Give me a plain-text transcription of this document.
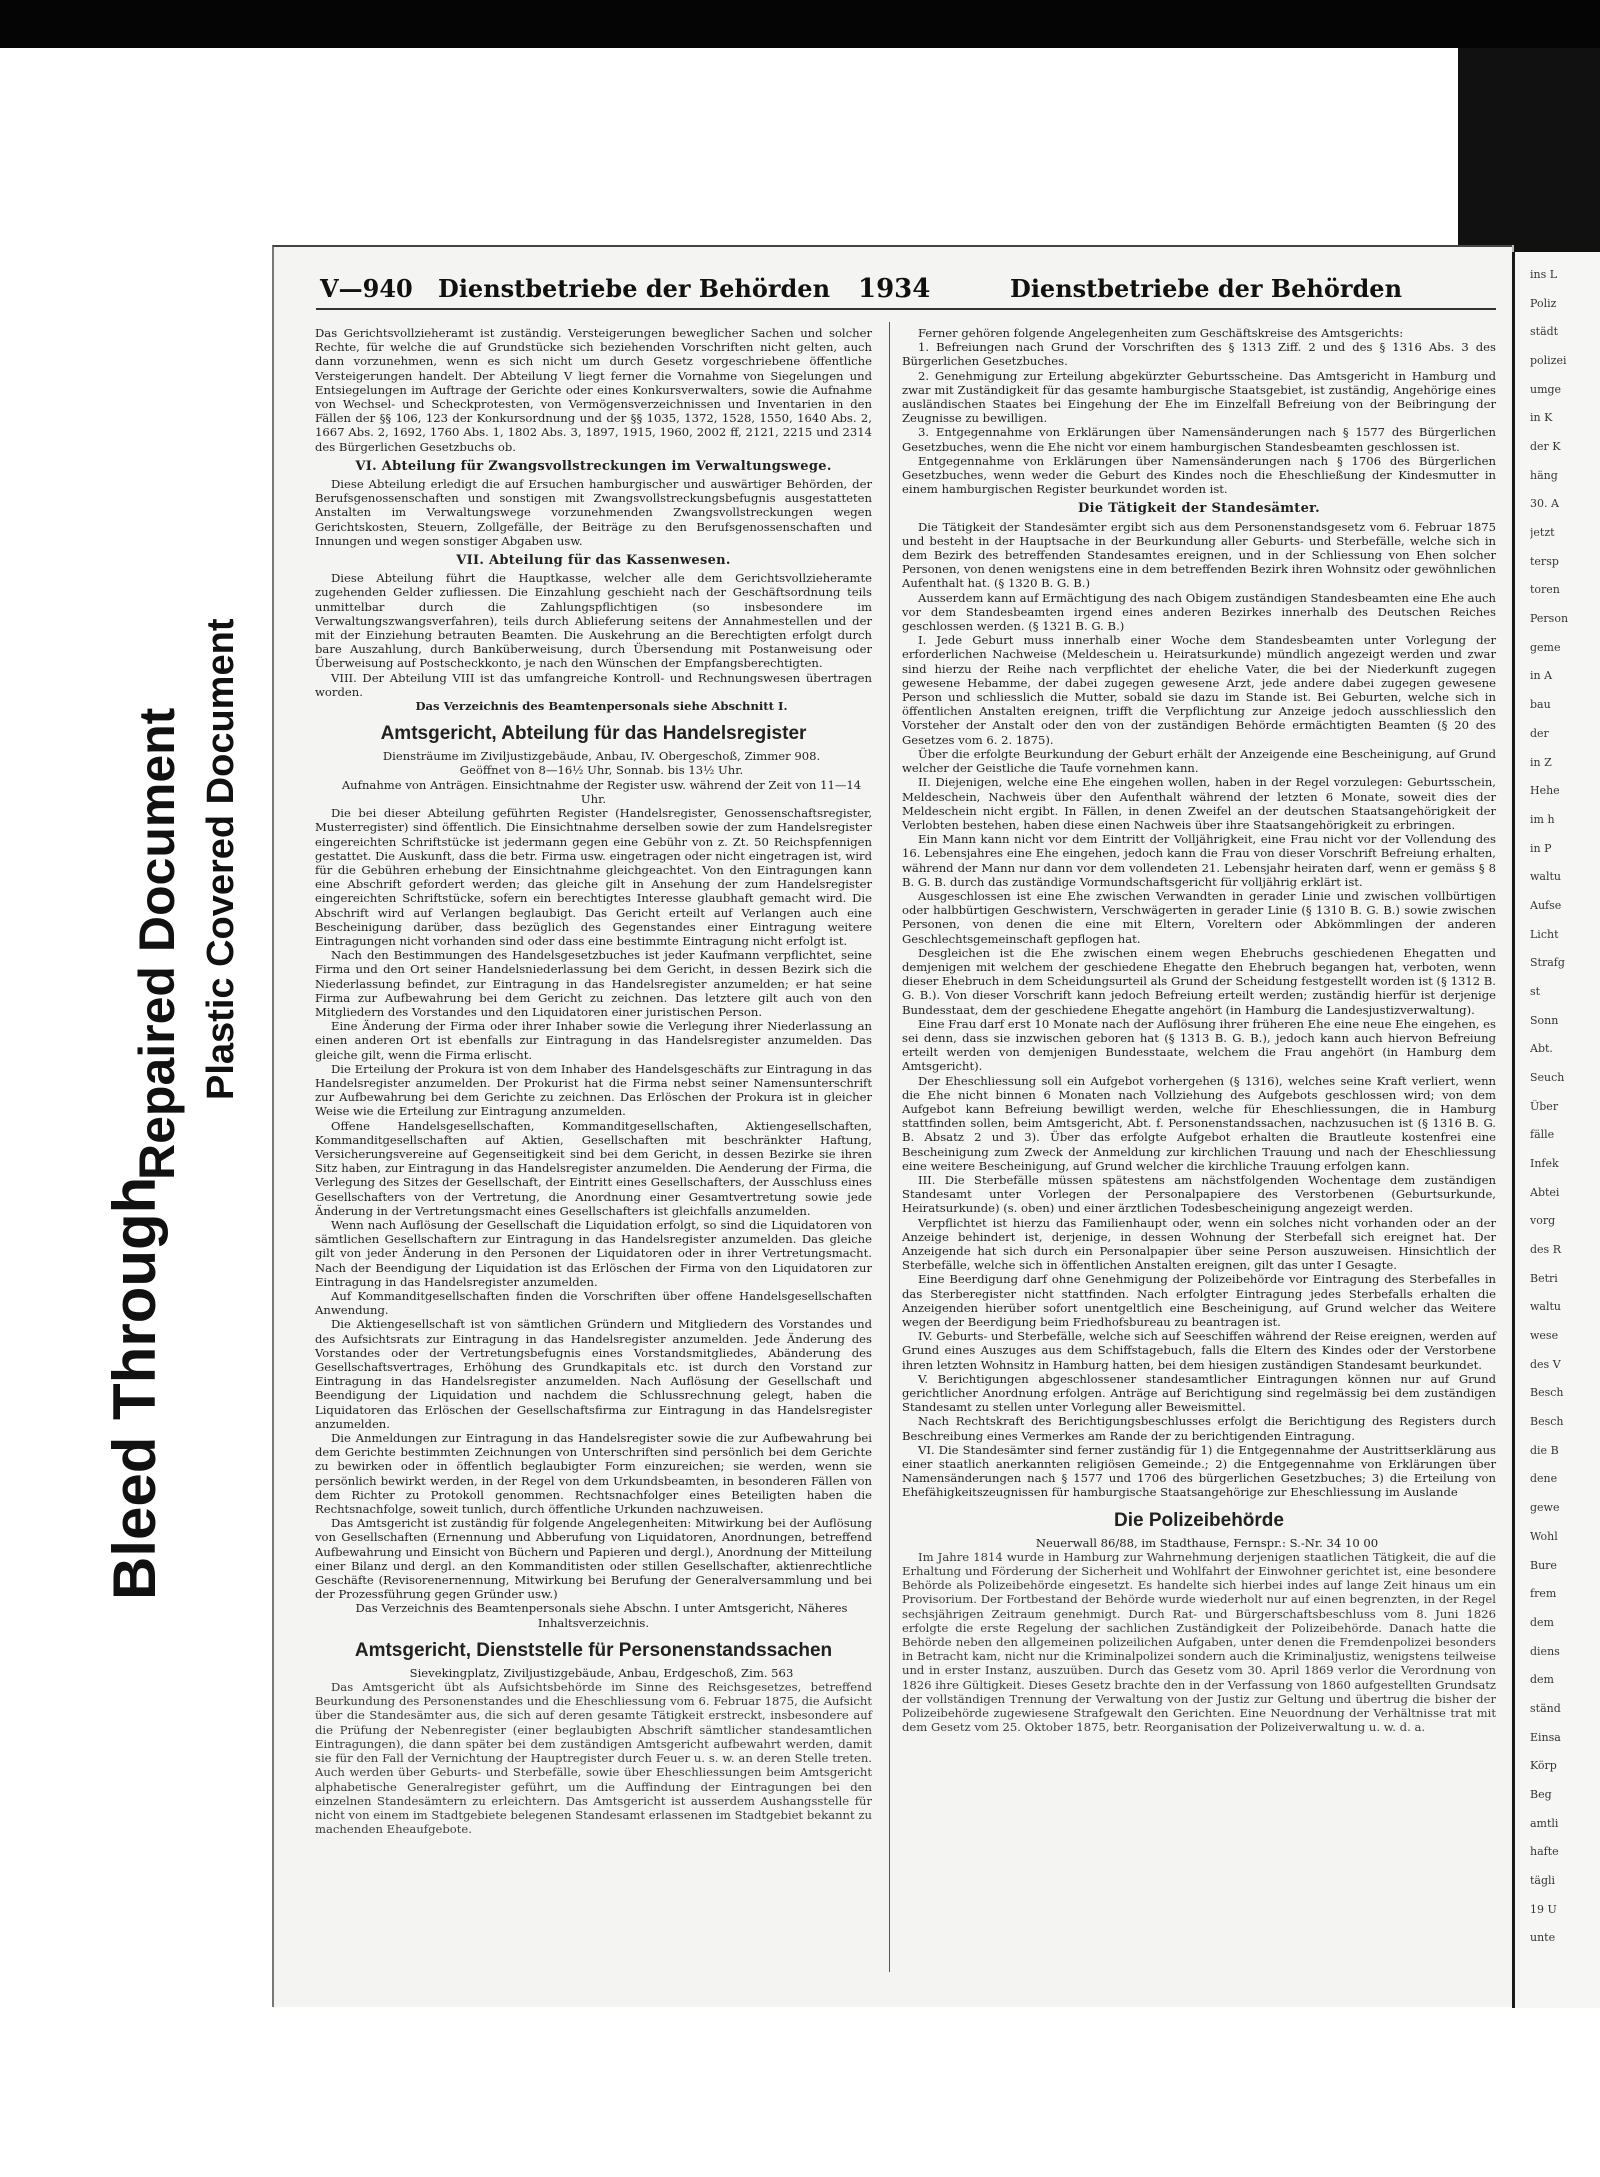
Bleed Through
Repaired Document Plastic Covered Document
ins L
Poliz
städt
polizei
umge
in K
der K
häng
30. A
jetzt
tersp
toren
Person
geme
in A
bau
der
in Z
Hehe
im h
in P
waltu
Aufse
Licht
Strafg
st
Sonn
Abt.
Seuch
Über
fälle
Infek
Abtei
vorg
des R
Betri
waltu
wese
des V
Besch
Besch
die B
dene
gewe
Wohl
Bure
frem
dem
diens
dem
ständ
Einsa
Körp
Beg
amtli
hafte
tägli
19 U
unte
V—940 Dienstbetriebe der Behörden 1934	Dienstbetriebe der Behörden

Das Gerichtsvollzieheramt ist zuständig. Versteigerungen beweglicher Sachen und solcher Rechte, für welche die auf Grundstücke sich beziehenden Vorschriften nicht gelten, auch dann vorzunehmen, wenn es sich nicht um durch Gesetz vorgeschriebene öffentliche Versteigerungen handelt. Der Abteilung V liegt ferner die Vornahme von Siegelungen und Entsiegelungen im Auftrage der Gerichte oder eines Konkursverwalters, sowie die Aufnahme von Wechsel- und Scheckprotesten, von Vermögensverzeichnissen und Inventarien in den Fällen der §§ 106, 123 der Konkursordnung und der §§ 1035, 1372, 1528, 1550, 1640 Abs. 2, 1667 Abs. 2, 1692, 1760 Abs. 1, 1802 Abs. 3, 1897, 1915, 1960, 2002 ff, 2121, 2215 und 2314 des Bürgerlichen Gesetzbuchs ob.

VI. Abteilung für Zwangsvollstreckungen im Verwaltungswege.

Diese Abteilung erledigt die auf Ersuchen hamburgischer und auswärtiger Behörden, der Berufsgenossenschaften und sonstigen mit Zwangsvollstreckungsbefugnis ausgestatteten Anstalten im Verwaltungswege vorzunehmenden Zwangsvollstreckungen wegen Gerichtskosten, Steuern, Zollgefälle, der Beiträge zu den Berufsgenossenschaften und Innungen und wegen sonstiger Abgaben usw.

VII. Abteilung für das Kassenwesen.

Diese Abteilung führt die Hauptkasse, welcher alle dem Gerichtsvollzieheramte zugehenden Gelder zufliessen. Die Einzahlung geschieht nach der Geschäftsordnung teils unmittelbar durch die Zahlungspflichtigen (so insbesondere im Verwaltungszwangsverfahren), teils durch Ablieferung seitens der Annahmestellen und der mit der Einziehung betrauten Beamten. Die Auskehrung an die Berechtigten erfolgt durch bare Auszahlung, durch Banküberweisung, durch Übersendung mit Postanweisung oder Überweisung auf Postscheckkonto, je nach den Wünschen der Empfangsberechtigten.

VIII. Der Abteilung VIII ist das umfangreiche Kontroll- und Rechnungswesen übertragen worden.

Das Verzeichnis des Beamtenpersonals siehe Abschnitt I.

Amtsgericht, Abteilung für das Handelsregister

Diensträume im Ziviljustizgebäude, Anbau, IV. Obergeschoß, Zimmer 908.

Geöffnet von 8—16½ Uhr, Sonnab. bis 13½ Uhr.

Aufnahme von Anträgen. Einsichtnahme der Register usw. während der Zeit von 11—14 Uhr.

Die bei dieser Abteilung geführten Register (Handelsregister, Genossenschaftsregister, Musterregister) sind öffentlich. Die Einsichtnahme derselben sowie der zum Handelsregister eingereichten Schriftstücke ist jedermann gegen eine Gebühr von z. Zt. 50 Reichspfennigen gestattet. Die Auskunft, dass die betr. Firma usw. eingetragen oder nicht eingetragen ist, wird für die Gebühren erhebung der Einsichtnahme gleichgeachtet. Von den Eintragungen kann eine Abschrift gefordert werden; das gleiche gilt in Ansehung der zum Handelsregister eingereichten Schriftstücke, sofern ein berechtigtes Interesse glaubhaft gemacht wird. Die Abschrift wird auf Verlangen beglaubigt. Das Gericht erteilt auf Verlangen auch eine Bescheinigung darüber, dass bezüglich des Gegenstandes einer Eintragung weitere Eintragungen nicht vorhanden sind oder dass eine bestimmte Eintragung nicht erfolgt ist.

Nach den Bestimmungen des Handelsgesetzbuches ist jeder Kaufmann verpflichtet, seine Firma und den Ort seiner Handelsniederlassung bei dem Gericht, in dessen Bezirk sich die Niederlassung befindet, zur Eintragung in das Handelsregister anzumelden; er hat seine Firma zur Aufbewahrung bei dem Gericht zu zeichnen. Das letztere gilt auch von den Mitgliedern des Vorstandes und den Liquidatoren einer juristischen Person.

Eine Änderung der Firma oder ihrer Inhaber sowie die Verlegung ihrer Niederlassung an einen anderen Ort ist ebenfalls zur Eintragung in das Handelsregister anzumelden. Das gleiche gilt, wenn die Firma erlischt.

Die Erteilung der Prokura ist von dem Inhaber des Handelsgeschäfts zur Eintragung in das Handelsregister anzumelden. Der Prokurist hat die Firma nebst seiner Namensunterschrift zur Aufbewahrung bei dem Gerichte zu zeichnen. Das Erlöschen der Prokura ist in gleicher Weise wie die Erteilung zur Eintragung anzumelden.

Offene Handelsgesellschaften, Kommanditgesellschaften, Aktiengesellschaften, Kommanditgesellschaften auf Aktien, Gesellschaften mit beschränkter Haftung, Versicherungsvereine auf Gegenseitigkeit sind bei dem Gericht, in dessen Bezirke sie ihren Sitz haben, zur Eintragung in das Handelsregister anzumelden. Die Aenderung der Firma, die Verlegung des Sitzes der Gesellschaft, der Eintritt eines Gesellschafters, der Ausschluss eines Gesellschafters von der Vertretung, die Anordnung einer Gesamtvertretung sowie jede Änderung in der Vertretungsmacht eines Gesellschafters ist gleichfalls anzumelden.

Wenn nach Auflösung der Gesellschaft die Liquidation erfolgt, so sind die Liquidatoren von sämtlichen Gesellschaftern zur Eintragung in das Handelsregister anzumelden. Das gleiche gilt von jeder Änderung in den Personen der Liquidatoren oder in ihrer Vertretungsmacht. Nach der Beendigung der Liquidation ist das Erlöschen der Firma von den Liquidatoren zur Eintragung in das Handelsregister anzumelden.

Auf Kommanditgesellschaften finden die Vorschriften über offene Handelsgesellschaften Anwendung.

Die Aktiengesellschaft ist von sämtlichen Gründern und Mitgliedern des Vorstandes und des Aufsichtsrats zur Eintragung in das Handelsregister anzumelden. Jede Änderung des Vorstandes oder der Vertretungsbefugnis eines Vorstandsmitgliedes, Abänderung des Gesellschaftsvertrages, Erhöhung des Grundkapitals etc. ist durch den Vorstand zur Eintragung in das Handelsregister anzumelden. Nach Auflösung der Gesellschaft und Beendigung der Liquidation und nachdem die Schlussrechnung gelegt, haben die Liquidatoren das Erlöschen der Gesellschaftsfirma zur Eintragung in das Handelsregister anzumelden.

Die Anmeldungen zur Eintragung in das Handelsregister sowie die zur Aufbewahrung bei dem Gerichte bestimmten Zeichnungen von Unterschriften sind persönlich bei dem Gerichte zu bewirken oder in öffentlich beglaubigter Form einzureichen; sie werden, wenn sie persönlich bewirkt werden, in der Regel von dem Urkundsbeamten, in besonderen Fällen von dem Richter zu Protokoll genommen. Rechtsnachfolger eines Beteiligten haben die Rechtsnachfolge, soweit tunlich, durch öffentliche Urkunden nachzuweisen.

Das Amtsgericht ist zuständig für folgende Angelegenheiten: Mitwirkung bei der Auflösung von Gesellschaften (Ernennung und Abberufung von Liquidatoren, Anordnungen, betreffend Aufbewahrung und Einsicht von Büchern und Papieren und dergl.), Anordnung der Mitteilung einer Bilanz und dergl. an den Kommanditisten oder stillen Gesellschafter, aktienrechtliche Geschäfte (Revisorenernennung, Mitwirkung bei Berufung der Generalversammlung und bei der Prozessführung gegen Gründer usw.)

Das Verzeichnis des Beamtenpersonals siehe Abschn. I unter Amtsgericht, Näheres Inhaltsverzeichnis.

Amtsgericht, Dienststelle für Personenstandssachen

Sievekingplatz, Ziviljustizgebäude, Anbau, Erdgeschoß, Zim. 563

Das Amtsgericht übt als Aufsichtsbehörde im Sinne des Reichsgesetzes, betreffend Beurkundung des Personenstandes und die Eheschliessung vom 6. Februar 1875, die Aufsicht über die Standesämter aus, die sich auf deren gesamte Tätigkeit erstreckt, insbesondere auf die Prüfung der Nebenregister (einer beglaubigten Abschrift sämtlicher standesamtlichen Eintragungen), die dann später bei dem zuständigen Amtsgericht aufbewahrt werden, damit sie für den Fall der Vernichtung der Hauptregister durch Feuer u. s. w. an deren Stelle treten. Auch werden über Geburts- und Sterbefälle, sowie über Eheschliessungen beim Amtsgericht alphabetische Generalregister geführt, um die Auffindung der Eintragungen bei den einzelnen Standesämtern zu erleichtern. Das Amtsgericht ist ausserdem Aushangsstelle für nicht von einem im Stadtgebiete belegenen Standesamt erlassenen im Stadtgebiet bekannt zu machenden Eheaufgebote.

Ferner gehören folgende Angelegenheiten zum Geschäftskreise des Amtsgerichts:

1. Befreiungen nach Grund der Vorschriften des § 1313 Ziff. 2 und des § 1316 Abs. 3 des Bürgerlichen Gesetzbuches.

2. Genehmigung zur Erteilung abgekürzter Geburtsscheine. Das Amtsgericht in Hamburg und zwar mit Zuständigkeit für das gesamte hamburgische Staatsgebiet, ist zuständig, Angehörige eines ausländischen Staates bei Eingehung der Ehe im Einzelfall Befreiung von der Beibringung der Zeugnisse zu bewilligen.

3. Entgegennahme von Erklärungen über Namensänderungen nach § 1577 des Bürgerlichen Gesetzbuches, wenn die Ehe nicht vor einem hamburgischen Standesbeamten geschlossen ist.

Entgegennahme von Erklärungen über Namensänderungen nach § 1706 des Bürgerlichen Gesetzbuches, wenn weder die Geburt des Kindes noch die Eheschließung der Kindesmutter in einem hamburgischen Register beurkundet worden ist.

Die Tätigkeit der Standesämter.

Die Tätigkeit der Standesämter ergibt sich aus dem Personenstandsgesetz vom 6. Februar 1875 und besteht in der Hauptsache in der Beurkundung aller Geburts- und Sterbefälle, welche sich in dem Bezirk des betreffenden Standesamtes ereignen, und in der Schliessung von Ehen solcher Personen, von denen wenigstens eine in dem betreffenden Bezirk ihren Wohnsitz oder gewöhnlichen Aufenthalt hat. (§ 1320 B. G. B.)

Ausserdem kann auf Ermächtigung des nach Obigem zuständigen Standesbeamten eine Ehe auch vor dem Standesbeamten irgend eines anderen Bezirkes innerhalb des Deutschen Reiches geschlossen werden. (§ 1321 B. G. B.)

I. Jede Geburt muss innerhalb einer Woche dem Standesbeamten unter Vorlegung der erforderlichen Nachweise (Meldeschein u. Heiratsurkunde) mündlich angezeigt werden und zwar sind hierzu der Reihe nach verpflichtet der eheliche Vater, die bei der Niederkunft zugegen gewesene Hebamme, der dabei zugegen gewesene Arzt, jede andere dabei zugegen gewesene Person und schliesslich die Mutter, sobald sie dazu im Stande ist. Bei Geburten, welche sich in öffentlichen Anstalten ereignen, trifft die Verpflichtung zur Anzeige jedoch ausschliesslich den Vorsteher der Anstalt oder den von der zuständigen Behörde ermächtigten Beamten (§ 20 des Gesetzes vom 6. 2. 1875).

Über die erfolgte Beurkundung der Geburt erhält der Anzeigende eine Bescheinigung, auf Grund welcher der Geistliche die Taufe vornehmen kann.

II. Diejenigen, welche eine Ehe eingehen wollen, haben in der Regel vorzulegen: Geburtsschein, Meldeschein, Nachweis über den Aufenthalt während der letzten 6 Monate, soweit dies der Meldeschein nicht ergibt. In Fällen, in denen Zweifel an der deutschen Staatsangehörigkeit der Verlobten bestehen, haben diese einen Nachweis über ihre Staatsangehörigkeit zu erbringen.

Ein Mann kann nicht vor dem Eintritt der Volljährigkeit, eine Frau nicht vor der Vollendung des 16. Lebensjahres eine Ehe eingehen, jedoch kann die Frau von dieser Vorschrift Befreiung erhalten, während der Mann nur dann vor dem vollendeten 21. Lebensjahr heiraten darf, wenn er gemäss § 8 B. G. B. durch das zuständige Vormundschaftsgericht für volljährig erklärt ist.

Ausgeschlossen ist eine Ehe zwischen Verwandten in gerader Linie und zwischen vollbürtigen oder halbbürtigen Geschwistern, Verschwägerten in gerader Linie (§ 1310 B. G. B.) sowie zwischen Personen, von denen die eine mit Eltern, Voreltern oder Abkömmlingen der anderen Geschlechtsgemeinschaft gepflogen hat.

Desgleichen ist die Ehe zwischen einem wegen Ehebruchs geschiedenen Ehegatten und demjenigen mit welchem der geschiedene Ehegatte den Ehebruch begangen hat, verboten, wenn dieser Ehebruch in dem Scheidungsurteil als Grund der Scheidung festgestellt worden ist (§ 1312 B. G. B.). Von dieser Vorschrift kann jedoch Befreiung erteilt werden; zuständig hierfür ist derjenige Bundesstaat, dem der geschiedene Ehegatte angehört (in Hamburg die Landesjustizverwaltung).

Eine Frau darf erst 10 Monate nach der Auflösung ihrer früheren Ehe eine neue Ehe eingehen, es sei denn, dass sie inzwischen geboren hat (§ 1313 B. G. B.), jedoch kann auch hiervon Befreiung erteilt werden von demjenigen Bundesstaate, welchem die Frau angehört (in Hamburg dem Amtsgericht).

Der Eheschliessung soll ein Aufgebot vorhergehen (§ 1316), welches seine Kraft verliert, wenn die Ehe nicht binnen 6 Monaten nach Vollziehung des Aufgebots geschlossen wird; von dem Aufgebot kann Befreiung bewilligt werden, welche für Eheschliessungen, die in Hamburg stattfinden sollen, beim Amtsgericht, Abt. f. Personenstandssachen, nachzusuchen ist (§ 1316 B. G. B. Absatz 2 und 3). Über das erfolgte Aufgebot erhalten die Brautleute kostenfrei eine Bescheinigung zum Zweck der Anmeldung zur kirchlichen Trauung und nach der Eheschliessung eine weitere Bescheinigung, auf Grund welcher die kirchliche Trauung erfolgen kann.

III. Die Sterbefälle müssen spätestens am nächstfolgenden Wochentage dem zuständigen Standesamt unter Vorlegen der Personalpapiere des Verstorbenen (Geburtsurkunde, Heiratsurkunde) (s. oben) und einer ärztlichen Todesbescheinigung angezeigt werden.

Verpflichtet ist hierzu das Familienhaupt oder, wenn ein solches nicht vorhanden oder an der Anzeige behindert ist, derjenige, in dessen Wohnung der Sterbefall sich ereignet hat. Der Anzeigende hat sich durch ein Personalpapier über seine Person auszuweisen. Hinsichtlich der Sterbefälle, welche sich in öffentlichen Anstalten ereignen, gilt das unter I Gesagte.

Eine Beerdigung darf ohne Genehmigung der Polizeibehörde vor Eintragung des Sterbefalles in das Sterberegister nicht stattfinden. Nach erfolgter Eintragung jedes Sterbefalls erhalten die Anzeigenden hierüber sofort unentgeltlich eine Bescheinigung, auf Grund welcher das Weitere wegen der Beerdigung beim Friedhofsbureau zu beantragen ist.

IV. Geburts- und Sterbefälle, welche sich auf Seeschiffen während der Reise ereignen, werden auf Grund eines Auszuges aus dem Schiffstagebuch, falls die Eltern des Kindes oder der Verstorbene ihren letzten Wohnsitz in Hamburg hatten, bei dem hiesigen zuständigen Standesamt beurkundet.

V. Berichtigungen abgeschlossener standesamtlicher Eintragungen können nur auf Grund gerichtlicher Anordnung erfolgen. Anträge auf Berichtigung sind regelmässig bei dem zuständigen Standesamt zu stellen unter Vorlegung aller Beweismittel.

Nach Rechtskraft des Berichtigungsbeschlusses erfolgt die Berichtigung des Registers durch Beschreibung eines Vermerkes am Rande der zu berichtigenden Eintragung.

VI. Die Standesämter sind ferner zuständig für 1) die Entgegennahme der Austrittserklärung aus einer staatlich anerkannten religiösen Gemeinde.; 2) die Entgegennahme von Erklärungen über Namensänderungen nach § 1577 und 1706 des bürgerlichen Gesetzbuches; 3) die Erteilung von Ehefähigkeitszeugnissen für hamburgische Staatsangehörige zur Eheschliessung im Auslande

Die Polizeibehörde

Neuerwall 86/88, im Stadthause, Fernspr.: S.-Nr. 34 10 00

Im Jahre 1814 wurde in Hamburg zur Wahrnehmung derjenigen staatlichen Tätigkeit, die auf die Erhaltung und Förderung der Sicherheit und Wohlfahrt der Einwohner gerichtet ist, eine besondere Behörde als Polizeibehörde eingesetzt. Es handelte sich hierbei indes auf lange Zeit hinaus um ein Provisorium. Der Fortbestand der Behörde wurde wiederholt nur auf einen begrenzten, in der Regel sechsjährigen Zeitraum genehmigt. Durch Rat- und Bürgerschaftsbeschluss vom 8. Juni 1826 erfolgte die erste Regelung der sachlichen Zuständigkeit der Polizeibehörde. Danach hatte die Behörde neben den allgemeinen polizeilichen Aufgaben, unter denen die Fremdenpolizei besonders in Betracht kam, nicht nur die Kriminalpolizei sondern auch die Kriminaljustiz, wenigstens teilweise und in erster Instanz, auszuüben. Durch das Gesetz vom 30. April 1869 verlor die Verordnung von 1826 ihre Gültigkeit. Dieses Gesetz brachte den in der Verfassung von 1860 aufgestellten Grundsatz der vollständigen Trennung der Verwaltung von der Justiz zur Geltung und übertrug die bisher der Polizeibehörde zugewiesene Strafgewalt den Gerichten. Eine Neuordnung der Verhältnisse trat mit dem Gesetz vom 25. Oktober 1875, betr. Reorganisation der Polizeiverwaltung u. w. d. a.
